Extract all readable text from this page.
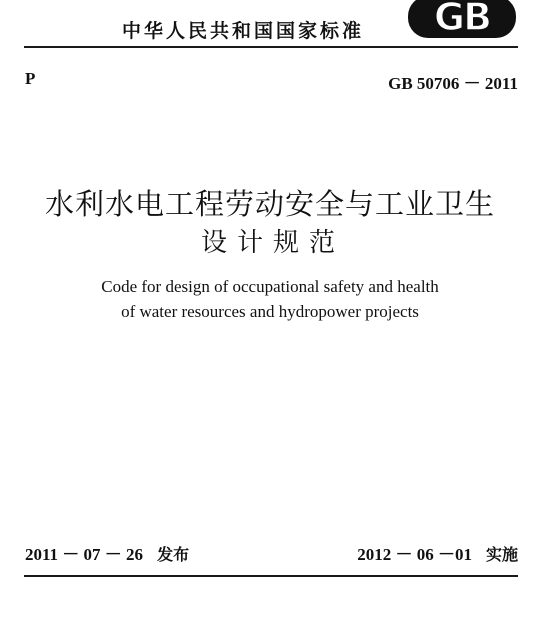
中华人民共和国国家标准 GB
P	GB 50706 － 2011
水利水电工程劳动安全与工业卫生
设计规范
Code for design of occupational safety and health
of water resources and hydropower projects
2011 － 07 － 26 发布	2012 － 06 －01 实施
